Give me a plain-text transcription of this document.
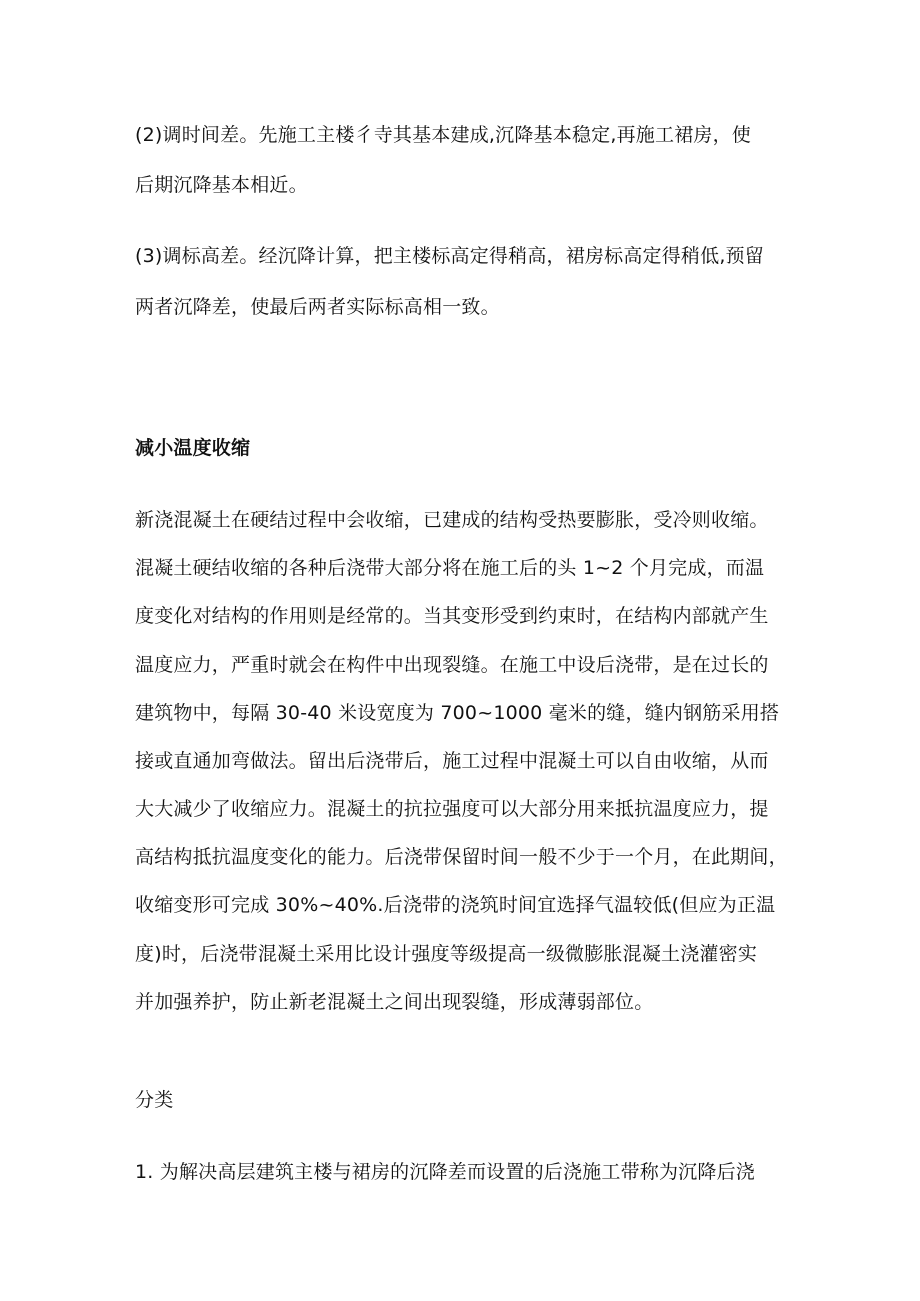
(2)调时间差。先施工主楼彳寺其基本建成,沉降基本稳定,再施工裙房，使
后期沉降基本相近。
(3)调标高差。经沉降计算，把主楼标高定得稍高，裙房标高定得稍低,预留
两者沉降差，使最后两者实际标高相一致。
减小温度收缩
新浇混凝土在硬结过程中会收缩，已建成的结构受热要膨胀，受冷则收缩。
混凝土硬结收缩的各种后浇带大部分将在施工后的头 1~2 个月完成，而温
度变化对结构的作用则是经常的。当其变形受到约束时，在结构内部就产生
温度应力，严重时就会在构件中出现裂缝。在施工中设后浇带，是在过长的
建筑物中，每隔 30-40 米设宽度为 700~1000 毫米的缝，缝内钢筋采用搭
接或直通加弯做法。留出后浇带后，施工过程中混凝土可以自由收缩，从而
大大减少了收缩应力。混凝土的抗拉强度可以大部分用来抵抗温度应力，提
高结构抵抗温度变化的能力。后浇带保留时间一般不少于一个月，在此期间，
收缩变形可完成 30%~40%.后浇带的浇筑时间宜选择气温较低(但应为正温
度)时，后浇带混凝土采用比设计强度等级提高一级微膨胀混凝土浇灌密实
并加强养护，防止新老混凝土之间出现裂缝，形成薄弱部位。
分类
1. 为解决高层建筑主楼与裙房的沉降差而设置的后浇施工带称为沉降后浇
